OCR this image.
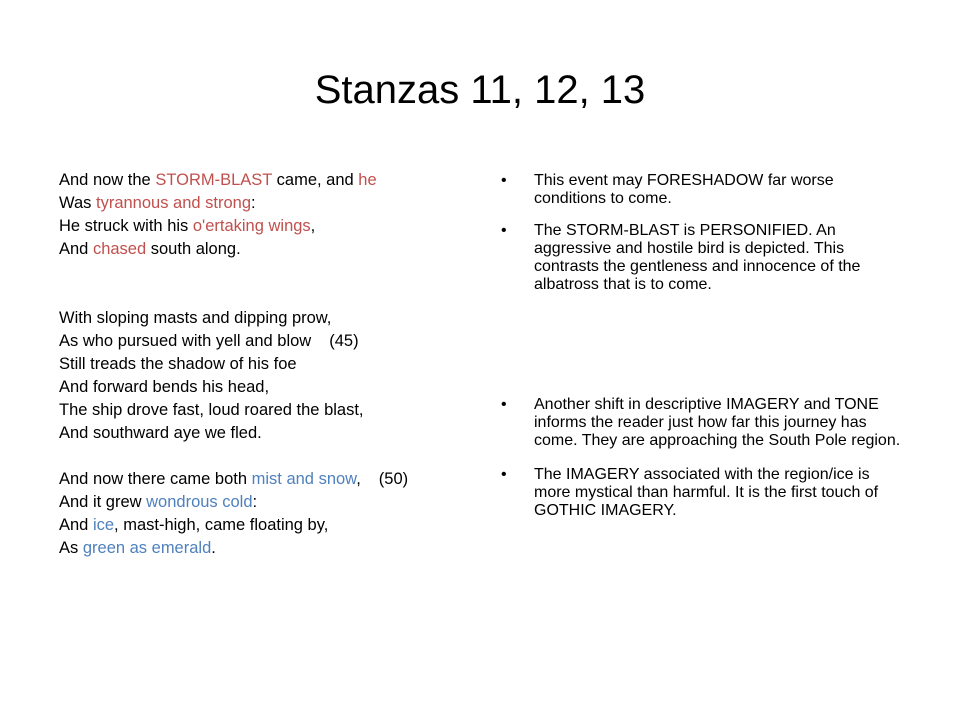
Stanzas 11, 12, 13
And now the STORM-BLAST came, and he
Was tyrannous and strong:
He struck with his o'ertaking wings,
And chased south along.
With sloping masts and dipping prow,
As who pursued with yell and blow (45)
Still treads the shadow of his foe
And forward bends his head,
The ship drove fast, loud roared the blast,
And southward aye we fled.
And now there came both mist and snow, (50)
And it grew wondrous cold:
And ice, mast-high, came floating by,
As green as emerald.
• This event may FORESHADOW far worse conditions to come.
• The STORM-BLAST is PERSONIFIED. An aggressive and hostile bird is depicted. This contrasts the gentleness and innocence of the albatross that is to come.
• Another shift in descriptive IMAGERY and TONE informs the reader just how far this journey has come. They are approaching the South Pole region.
• The IMAGERY associated with the region/ice is more mystical than harmful. It is the first touch of GOTHIC IMAGERY.
